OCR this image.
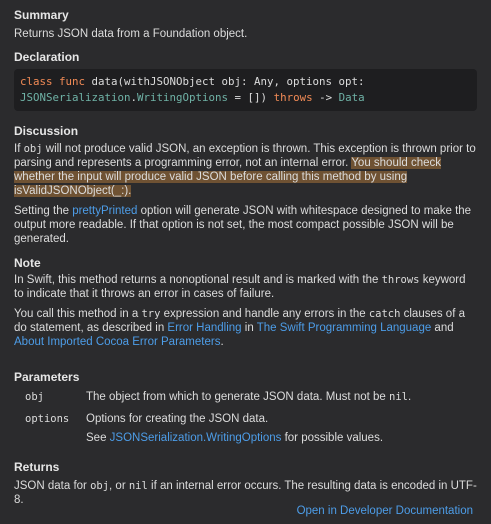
Summary

Returns JSON data from a Foundation object.

Declaration
class func data(withJSONObject obj: Any, options opt:
JSONSerialization.WritingOptions = []) throws -> Data
Discussion

If obj will not produce valid JSON, an exception is thrown. This exception is thrown prior to parsing and represents a programming error, not an internal error. You should check whether the input will produce valid JSON before calling this method by using isValidJSONObject(_:).

Setting the prettyPrinted option will generate JSON with whitespace designed to make the output more readable. If that option is not set, the most compact possible JSON will be generated.

Note

In Swift, this method returns a nonoptional result and is marked with the throws keyword to indicate that it throws an error in cases of failure.

You call this method in a try expression and handle any errors in the catch clauses of a do statement, as described in Error Handling in The Swift Programming Language and About Imported Cocoa Error Parameters.

Parameters
obj	The object from which to generate JSON data. Must not be nil.
options	Options for creating the JSON data.
See JSONSerialization.WritingOptions for possible values.
Returns

JSON data for obj, or nil if an internal error occurs. The resulting data is encoded in UTF-8.

Open in Developer Documentation
